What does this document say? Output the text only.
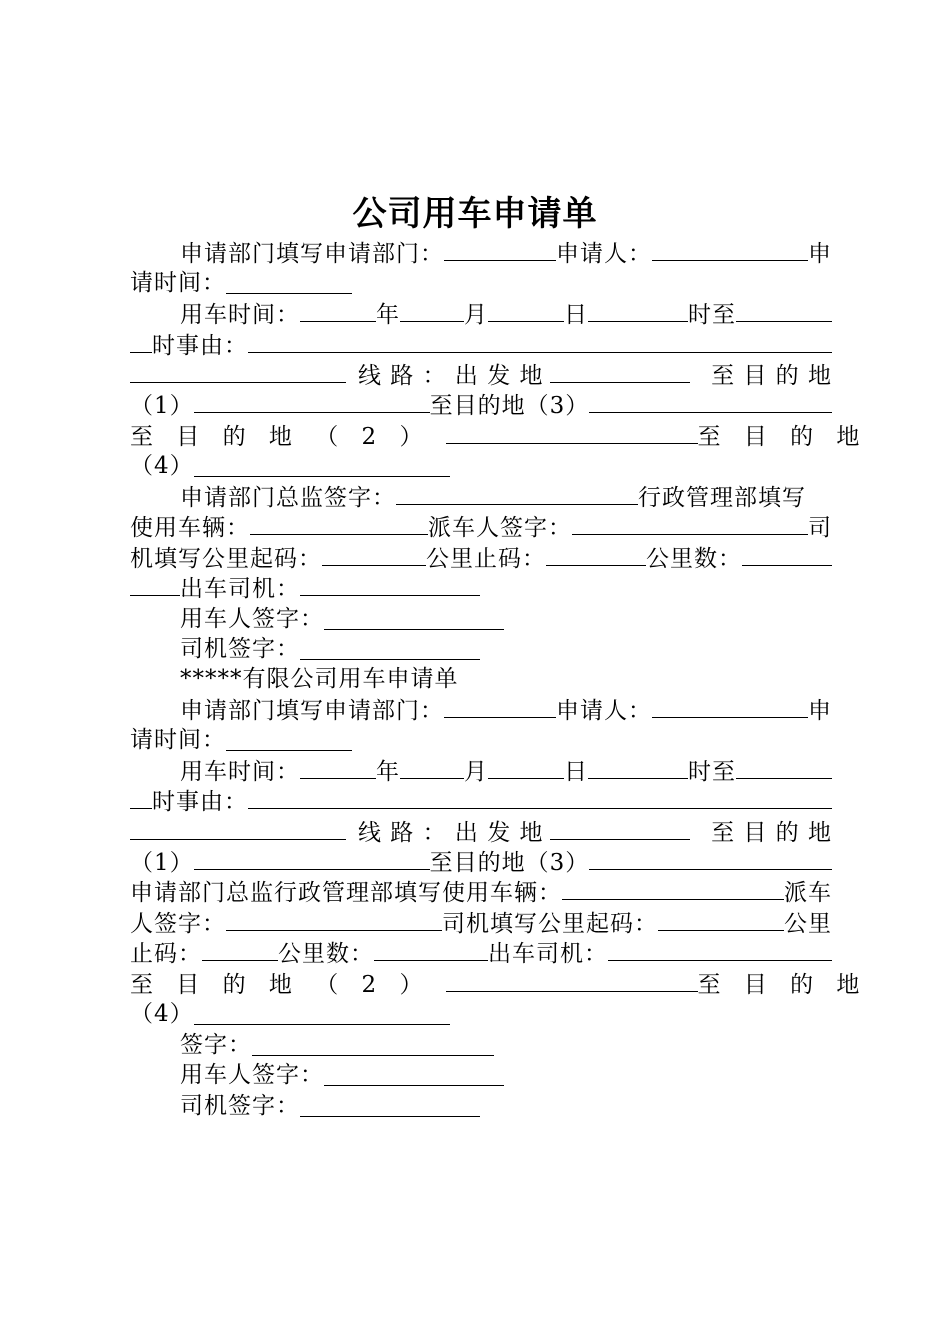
公司用车申请单
申请部门填写申请部门：	申请人：	申
请时间：
用车时间：	年	月	日	时至
时事由：
线 路 ： 出 发 地	至 目 的 地
（1）	至目的地（3）
至 目 的 地 （ 2 ）	至 目 的 地
（4）
申请部门总监签字：	行政管理部填写
使用车辆：	派车人签字：	司
机填写公里起码：	公里止码：	公里数：
出车司机：
用车人签字：
司机签字：
*****有限公司用车申请单
申请部门填写申请部门：	申请人：	申
请时间：
用车时间：	年	月	日	时至
时事由：
线 路 ： 出 发 地	至 目 的 地
（1）	至目的地（3）
申请部门总监行政管理部填写使用车辆：	派车
人签字：	司机填写公里起码：	公里
止码：	公里数：	出车司机：
至 目 的 地 （ 2 ）	至 目 的 地
（4）
签字：
用车人签字：
司机签字：
